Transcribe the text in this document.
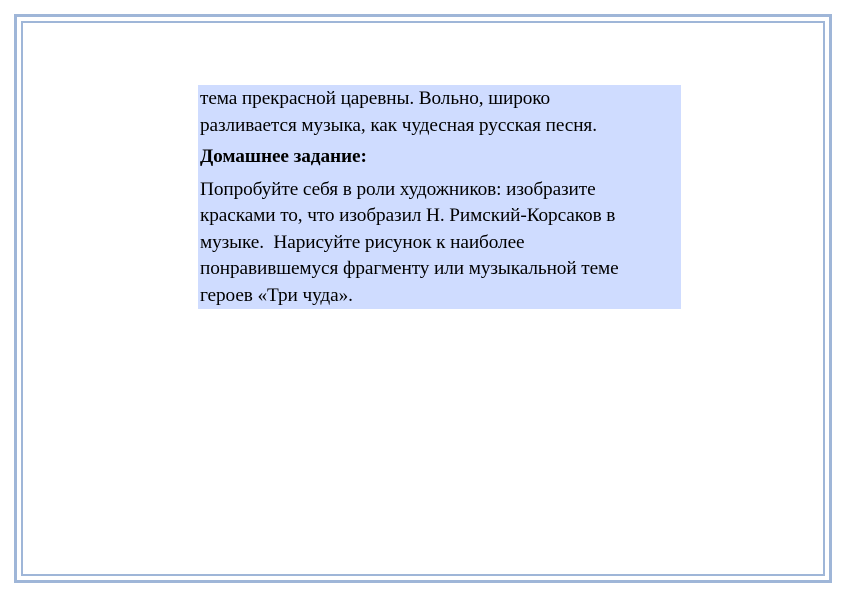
тема прекрасной царевны. Вольно, широко

разливается музыка, как чудесная русская песня.

Домашнее задание:

Попробуйте себя в роли художников: изобразите

красками то, что изобразил Н. Римский-Корсаков в

музыке.  Нарисуйте рисунок к наиболее

понравившемуся фрагменту или музыкальной теме

героев «Три чуда».
